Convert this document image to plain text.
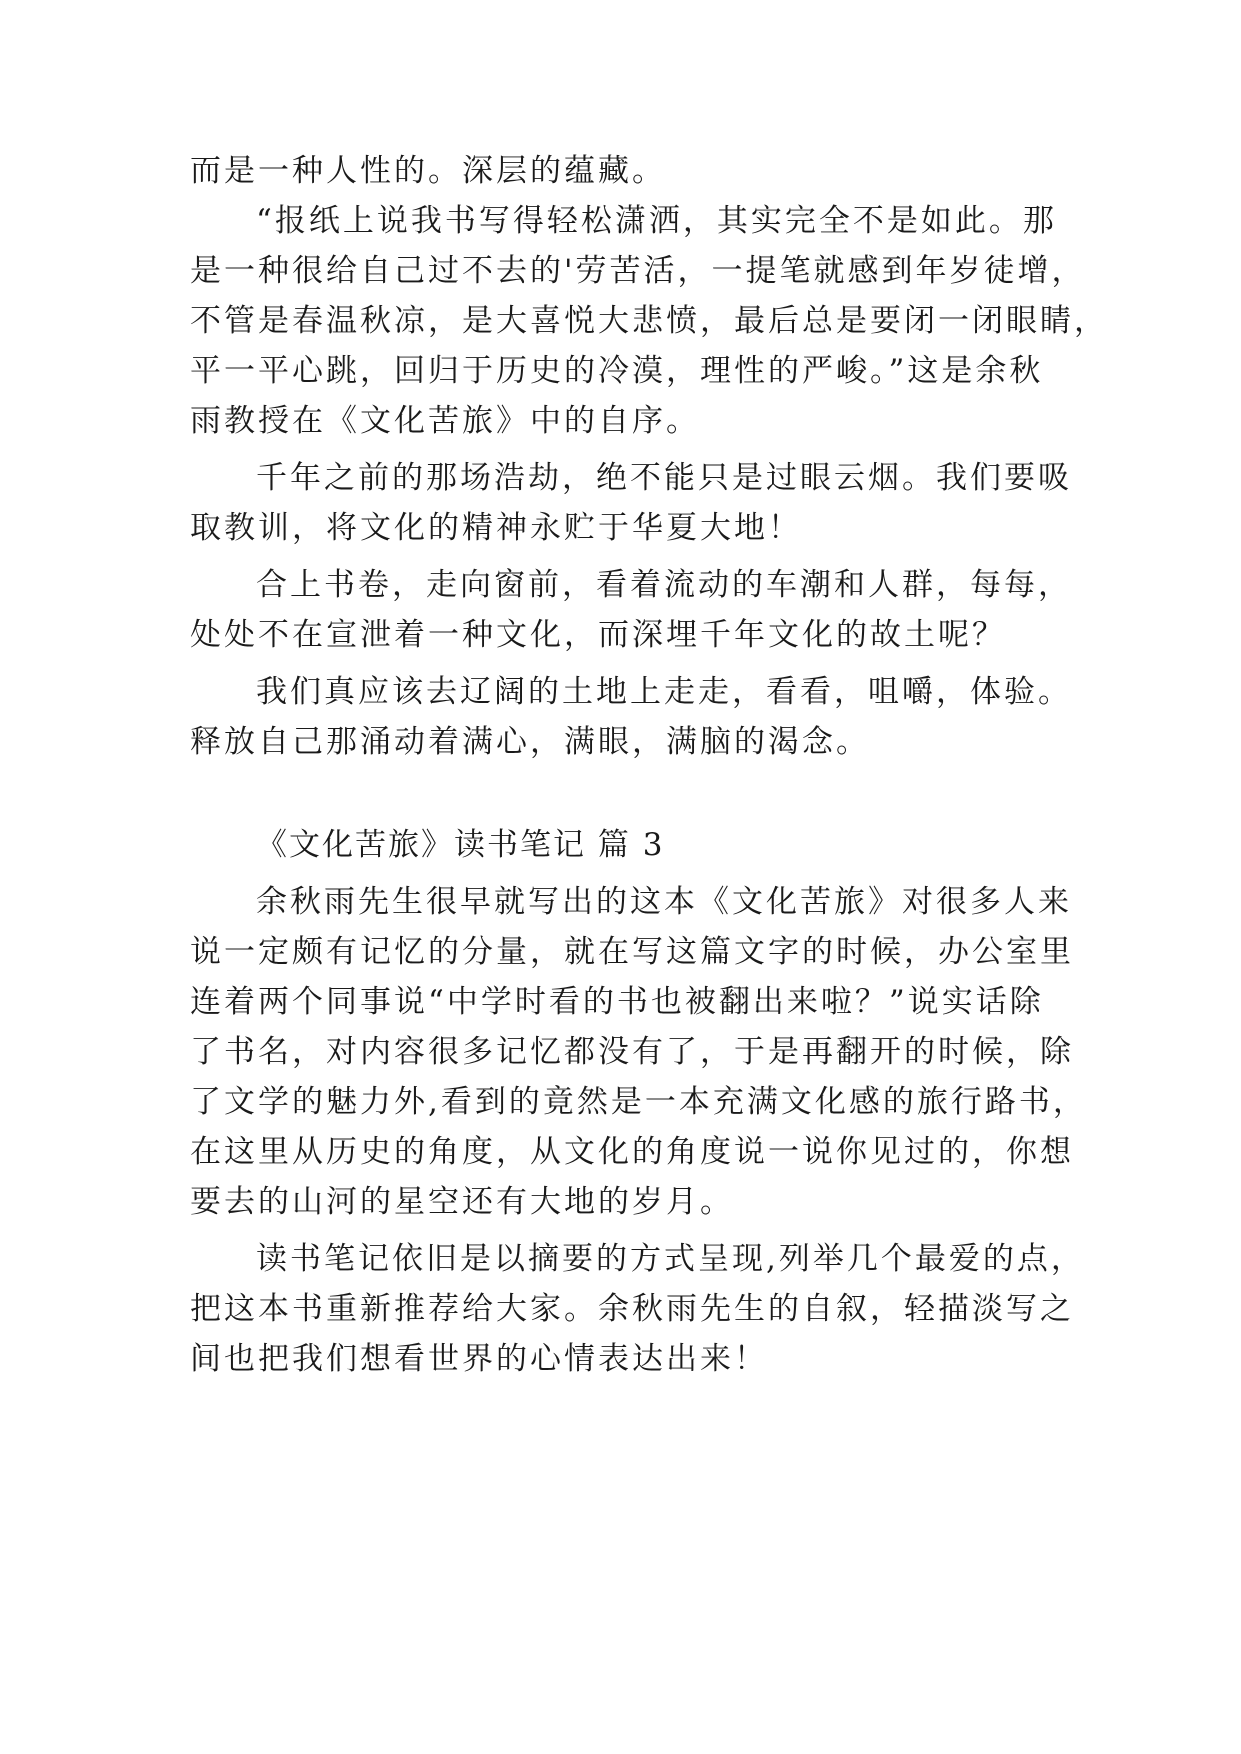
而是一种人性的。深层的蕴藏。
“报纸上说我书写得轻松潇洒，其实完全不是如此。那
是一种很给自己过不去的'劳苦活，一提笔就感到年岁徒增，
不管是春温秋凉，是大喜悦大悲愤，最后总是要闭一闭眼睛，
平一平心跳，回归于历史的冷漠，理性的严峻。”这是余秋
雨教授在《文化苦旅》中的自序。
千年之前的那场浩劫，绝不能只是过眼云烟。我们要吸
取教训，将文化的精神永贮于华夏大地！
合上书卷，走向窗前，看着流动的车潮和人群，每每，
处处不在宣泄着一种文化，而深埋千年文化的故土呢？
我们真应该去辽阔的土地上走走，看看，咀嚼，体验。
释放自己那涌动着满心，满眼，满脑的渴念。
《文化苦旅》读书笔记 篇 3
余秋雨先生很早就写出的这本《文化苦旅》对很多人来
说一定颇有记忆的分量，就在写这篇文字的时候，办公室里
连着两个同事说“中学时看的书也被翻出来啦？”说实话除
了书名，对内容很多记忆都没有了，于是再翻开的时候，除
了文学的魅力外,看到的竟然是一本充满文化感的旅行路书，
在这里从历史的角度，从文化的角度说一说你见过的，你想
要去的山河的星空还有大地的岁月。
读书笔记依旧是以摘要的方式呈现,列举几个最爱的点，
把这本书重新推荐给大家。余秋雨先生的自叙，轻描淡写之
间也把我们想看世界的心情表达出来！
